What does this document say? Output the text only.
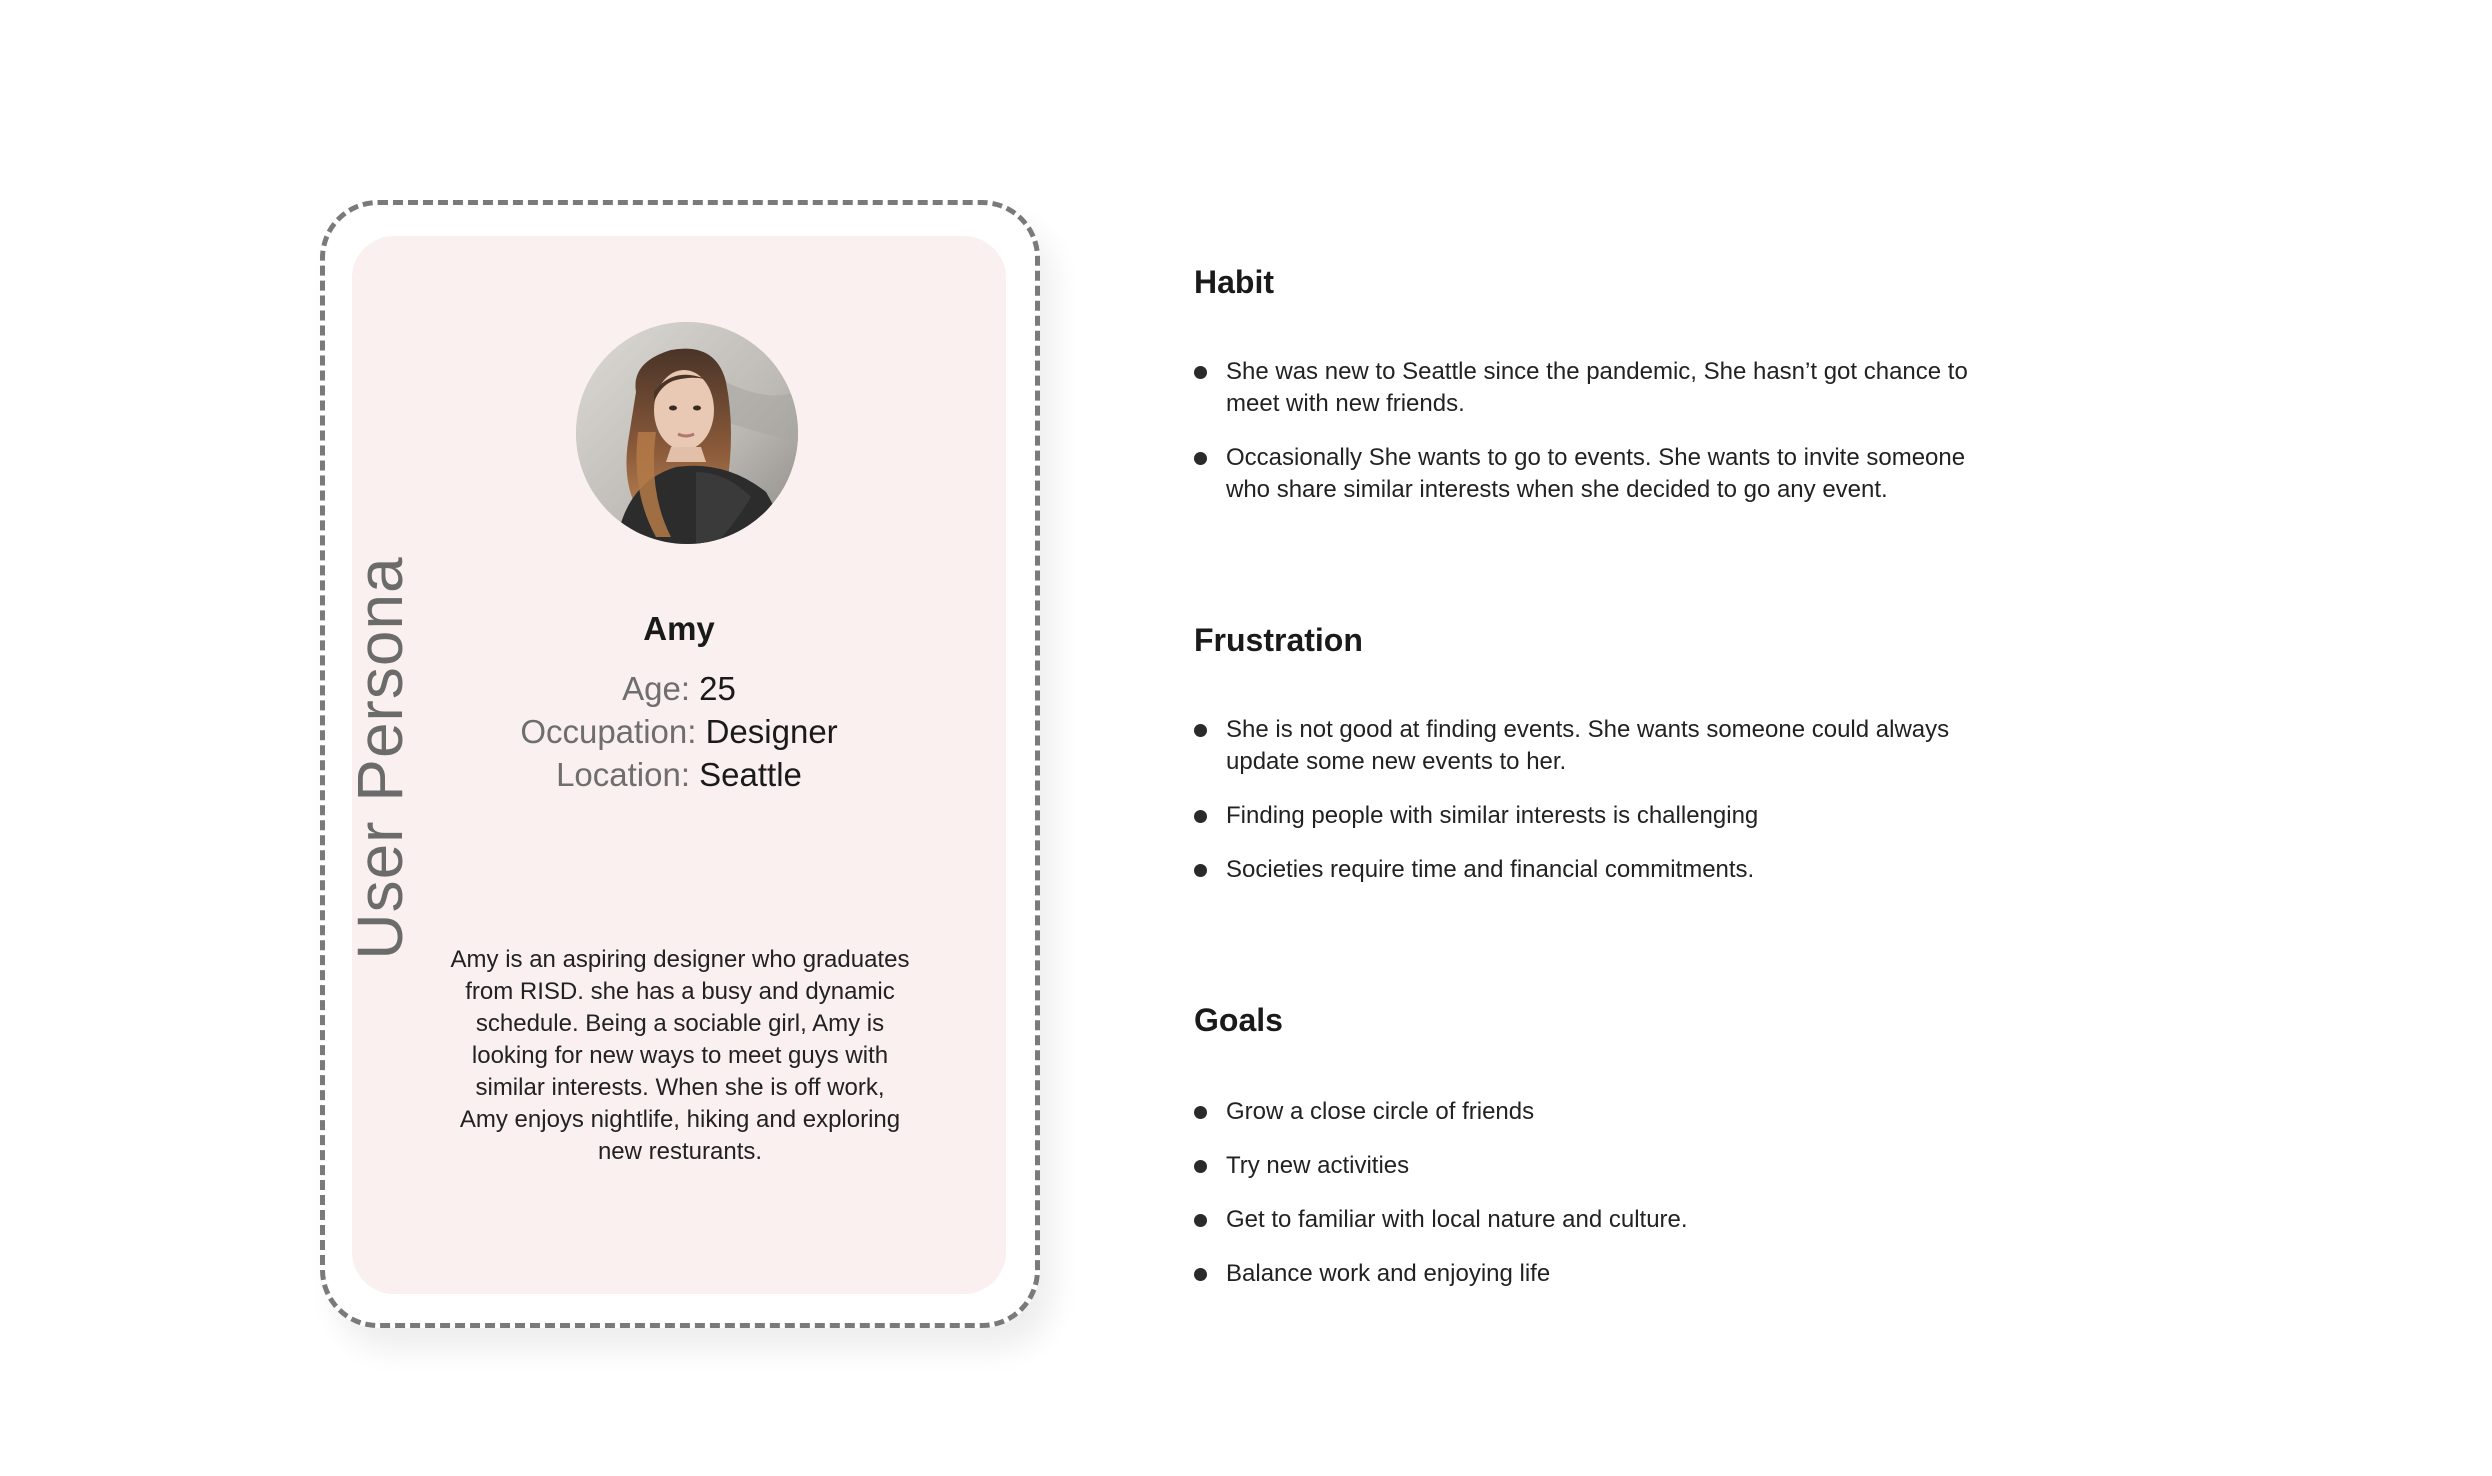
User Persona	Amy
Age: 25
Occupation: Designer
Location: Seattle
Amy is an aspiring designer who graduates from RISD. she has a busy and dynamic schedule. Being a sociable girl, Amy is looking for new ways to meet guys with similar interests. When she is off work, Amy enjoys nightlife, hiking and exploring new resturants.
Habit
She was new to Seattle since the pandemic, She hasn’t got chance to meet with new friends.
Occasionally She wants to go to events. She wants to invite someone who share similar interests when she decided to go any event.
Frustration
She is not good at finding events. She wants someone could always update some new events to her.
Finding people with similar interests is challenging
Societies require time and financial commitments.
Goals
Grow a close circle of friends
Try new activities
Get to familiar with local nature and culture.
Balance work and enjoying life
